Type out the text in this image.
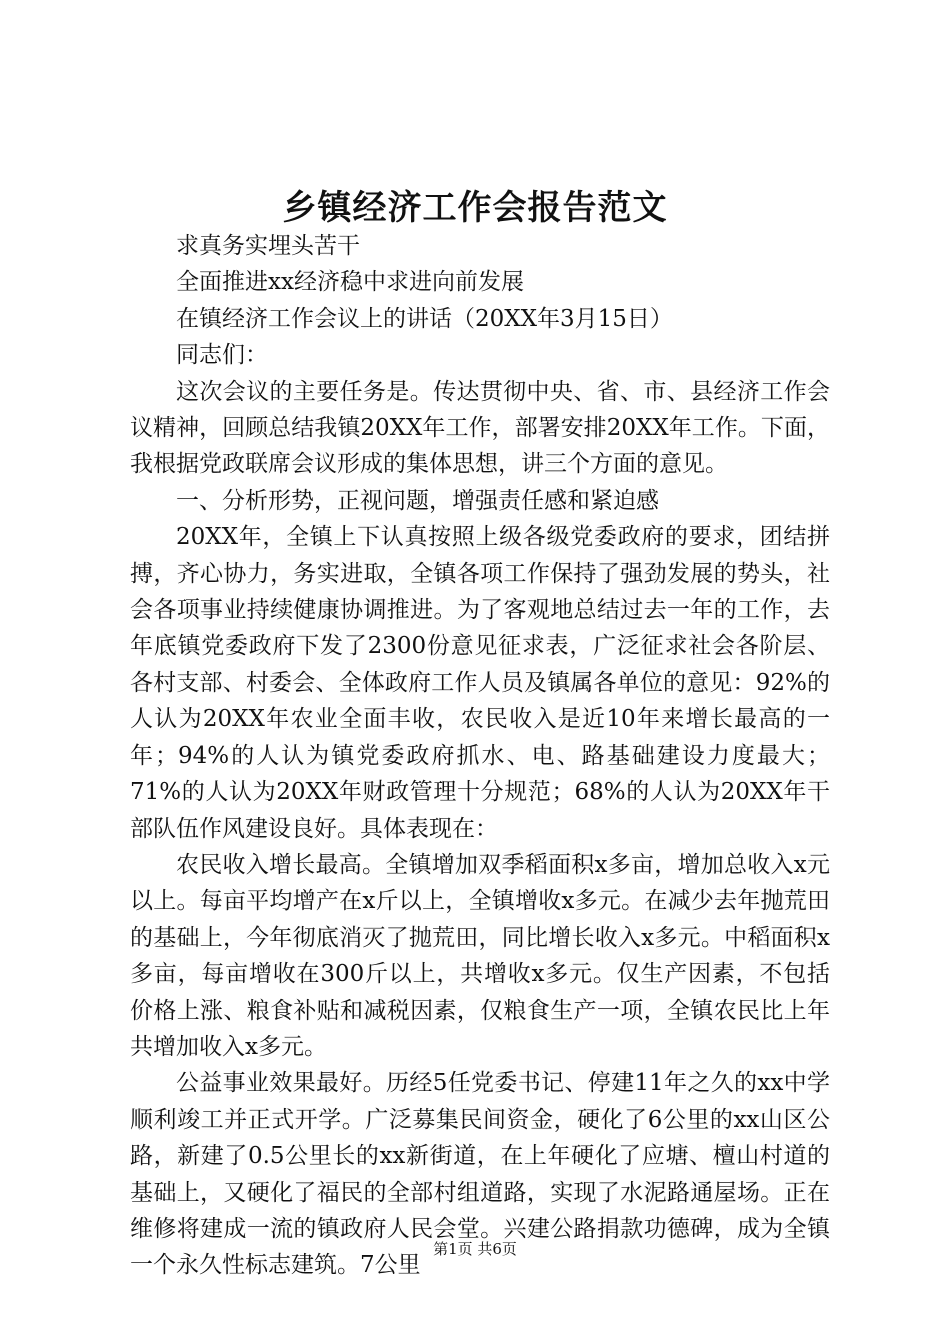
乡镇经济工作会报告范文

求真务实埋头苦干

全面推进xx经济稳中求进向前发展

在镇经济工作会议上的讲话（20XX年3月15日）

同志们：

这次会议的主要任务是。传达贯彻中央、省、市、县经济工作会议精神，回顾总结我镇20XX年工作，部署安排20XX年工作。下面，我根据党政联席会议形成的集体思想，讲三个方面的意见。

一、分析形势，正视问题，增强责任感和紧迫感

20XX年，全镇上下认真按照上级各级党委政府的要求，团结拼搏，齐心协力，务实进取，全镇各项工作保持了强劲发展的势头，社会各项事业持续健康协调推进。为了客观地总结过去一年的工作，去年底镇党委政府下发了2300份意见征求表，广泛征求社会各阶层、各村支部、村委会、全体政府工作人员及镇属各单位的意见：92%的人认为20XX年农业全面丰收，农民收入是近10年来增长最高的一年；94%的人认为镇党委政府抓水、电、路基础建设力度最大；71%的人认为20XX年财政管理十分规范；68%的人认为20XX年干部队伍作风建设良好。具体表现在：

农民收入增长最高。全镇增加双季稻面积x多亩，增加总收入x元以上。每亩平均增产在x斤以上，全镇增收x多元。在减少去年抛荒田的基础上，今年彻底消灭了抛荒田，同比增长收入x多元。中稻面积x多亩，每亩增收在300斤以上，共增收x多元。仅生产因素，不包括价格上涨、粮食补贴和减税因素，仅粮食生产一项，全镇农民比上年共增加收入x多元。

公益事业效果最好。历经5任党委书记、停建11年之久的xx中学顺利竣工并正式开学。广泛募集民间资金，硬化了6公里的xx山区公路，新建了0.5公里长的xx新街道，在上年硬化了应塘、檀山村道的基础上，又硬化了福民的全部村组道路，实现了水泥路通屋场。正在维修将建成一流的镇政府人民会堂。兴建公路捐款功德碑，成为全镇一个永久性标志建筑。7公里

第1页 共6页
